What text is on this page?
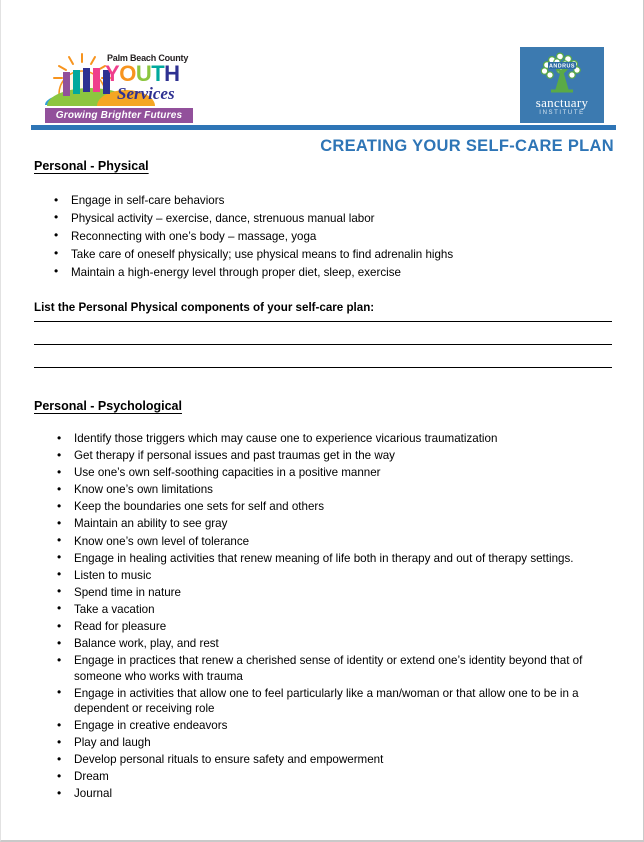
Palm Beach County
YOUTH
Services
Growing Brighter Futures
ANDRUS
sanctuary
INSTITUTE
CREATING YOUR SELF-CARE PLAN
Personal - Physical
• Engage in self-care behaviors
• Physical activity – exercise, dance, strenuous manual labor
• Reconnecting with one’s body – massage, yoga
• Take care of oneself physically; use physical means to find adrenalin highs
• Maintain a high-energy level through proper diet, sleep, exercise
List the Personal Physical components of your self-care plan:
Personal - Psychological
• Identify those triggers which may cause one to experience vicarious traumatization
• Get therapy if personal issues and past traumas get in the way
• Use one’s own self-soothing capacities in a positive manner
• Know one’s own limitations
• Keep the boundaries one sets for self and others
• Maintain an ability to see gray
• Know one’s own level of tolerance
• Engage in healing activities that renew meaning of life both in therapy and out of therapy settings.
• Listen to music
• Spend time in nature
• Take a vacation
• Read for pleasure
• Balance work, play, and rest
• Engage in practices that renew a cherished sense of identity or extend one’s identity beyond that of someone who works with trauma
• Engage in activities that allow one to feel particularly like a man/woman or that allow one to be in a dependent or receiving role
• Engage in creative endeavors
• Play and laugh
• Develop personal rituals to ensure safety and empowerment
• Dream
• Journal
